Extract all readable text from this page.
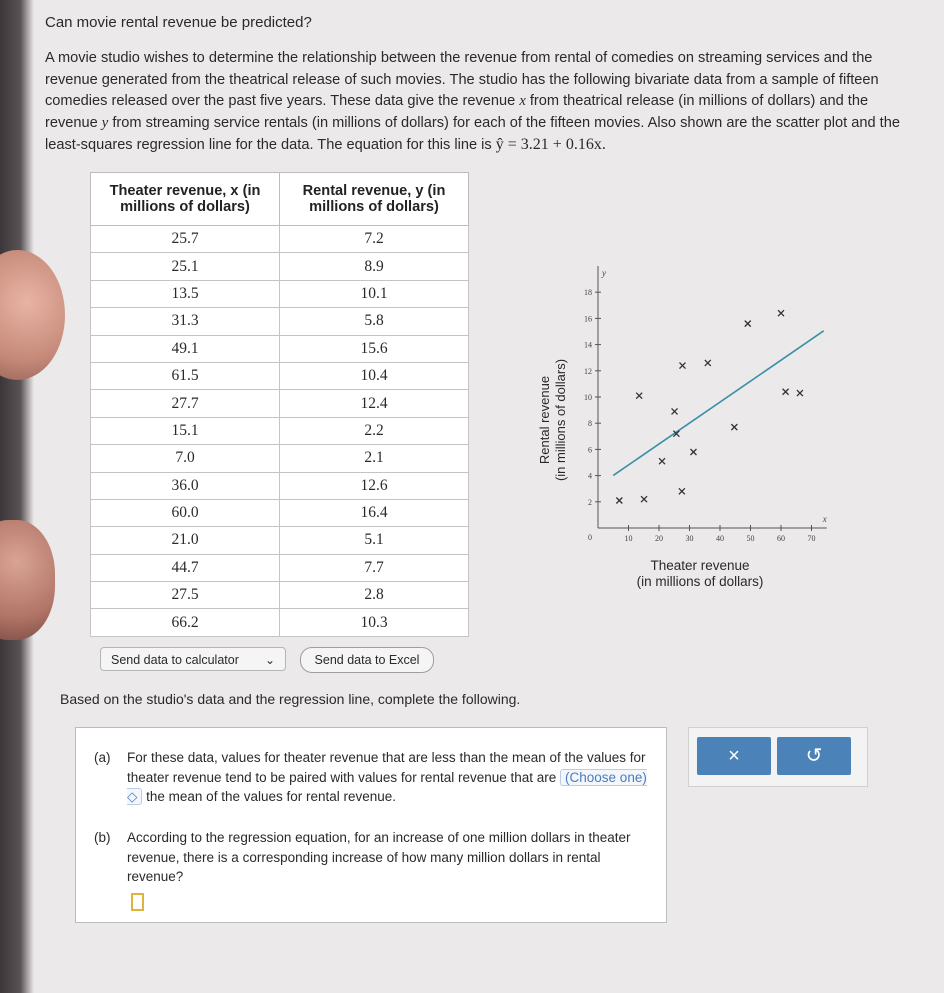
Can movie rental revenue be predicted?
A movie studio wishes to determine the relationship between the revenue from rental of comedies on streaming services and the revenue generated from the theatrical release of such movies. The studio has the following bivariate data from a sample of fifteen comedies released over the past five years. These data give the revenue x from theatrical release (in millions of dollars) and the revenue y from streaming service rentals (in millions of dollars) for each of the fifteen movies. Also shown are the scatter plot and the least-squares regression line for the data. The equation for this line is ŷ = 3.21 + 0.16x.
Theater revenue, x (in millions of dollars)	Rental revenue, y (in millions of dollars)
25.7	7.2
25.1	8.9
13.5	10.1
31.3	5.8
49.1	15.6
61.5	10.4
27.7	12.4
15.1	2.2
7.0	2.1
36.0	12.6
60.0	16.4
21.0	5.1
44.7	7.7
27.5	2.8
66.2	10.3
Send data to calculator ⌄	Send data to Excel
Rental revenue (in millions of dollars)
y
x
0	10	20	30	40	50	60	70
2
4
6
8
10
12
14
16
18
Theater revenue
(in millions of dollars)
Based on the studio's data and the regression line, complete the following.
(a) For these data, values for theater revenue that are less than the mean of the values for theater revenue tend to be paired with values for rental revenue that are (Choose one) ◇ the mean of the values for rental revenue.
(b) According to the regression equation, for an increase of one million dollars in theater revenue, there is a corresponding increase of how many million dollars in rental revenue?
×	↺
